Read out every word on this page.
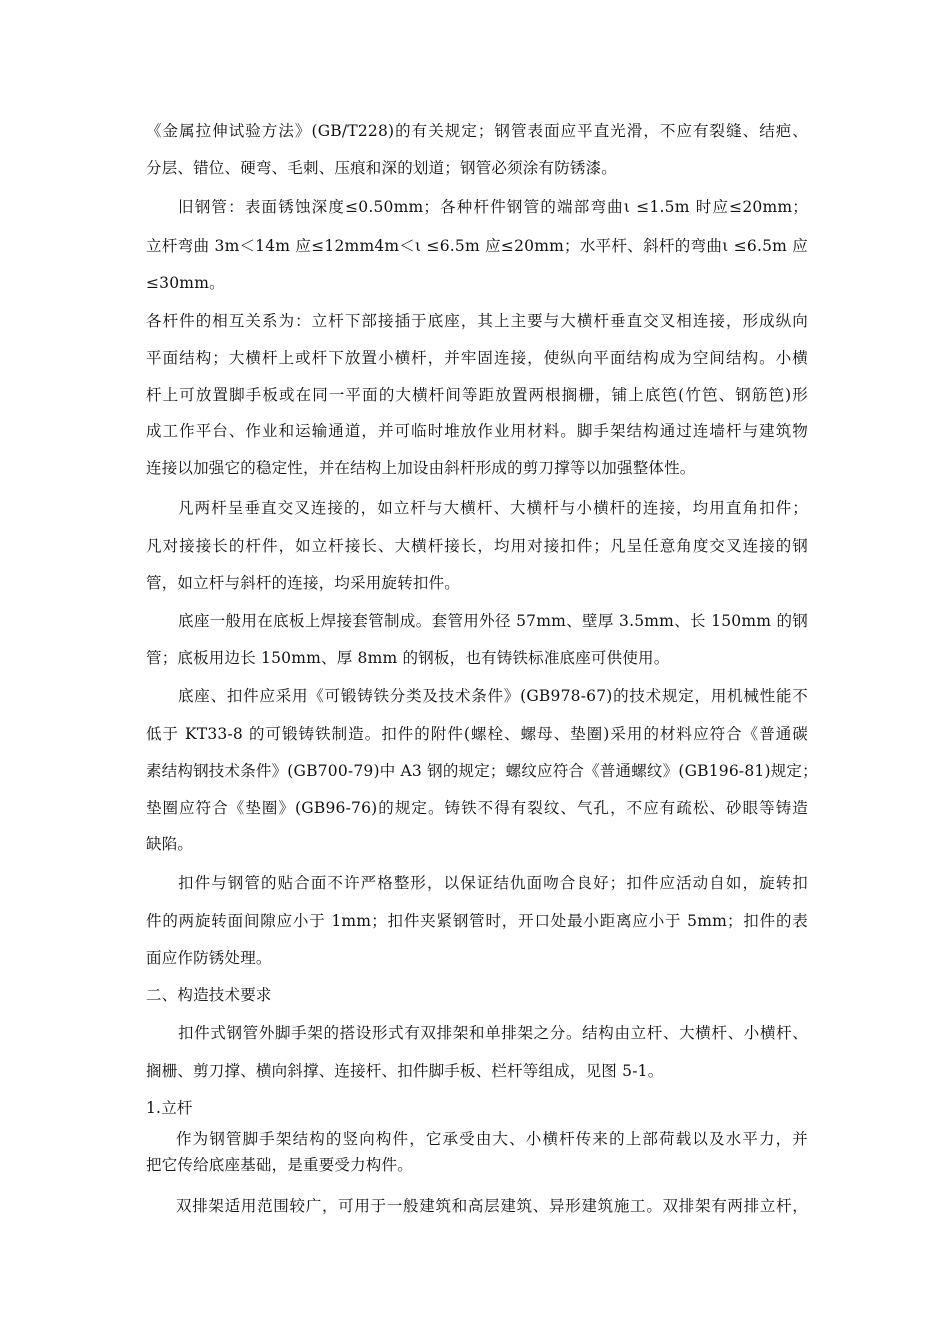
《金属拉伸试验方法》(GB/T228)的有关规定；钢管表面应平直光滑，不应有裂缝、结疤、
分层、错位、硬弯、毛刺、压痕和深的划道；钢管必须涂有防锈漆。
旧钢管：表面锈蚀深度≤0.50mm；各种杆件钢管的端部弯曲ι ≤1.5m 时应≤20mm；
立杆弯曲 3m＜14m 应≤12mm4m＜ι ≤6.5m 应≤20mm；水平杆、斜杆的弯曲ι ≤6.5m 应
≤30mm。
各杆件的相互关系为：立杆下部接插于底座，其上主要与大横杆垂直交叉相连接，形成纵向
平面结构；大横杆上或杆下放置小横杆，并牢固连接，使纵向平面结构成为空间结构。小横
杆上可放置脚手板或在同一平面的大横杆间等距放置两根搁栅，铺上底笆(竹笆、钢筋笆)形
成工作平台、作业和运输通道，并可临时堆放作业用材料。脚手架结构通过连墙杆与建筑物
连接以加强它的稳定性，并在结构上加设由斜杆形成的剪刀撑等以加强整体性。
凡两杆呈垂直交叉连接的，如立杆与大横杆、大横杆与小横杆的连接，均用直角扣件；
凡对接接长的杆件，如立杆接长、大横杆接长，均用对接扣件；凡呈任意角度交叉连接的钢
管，如立杆与斜杆的连接，均采用旋转扣件。
底座一般用在底板上焊接套管制成。套管用外径 57mm、壁厚 3.5mm、长 150mm 的钢
管；底板用边长 150mm、厚 8mm 的钢板，也有铸铁标准底座可供使用。
底座、扣件应采用《可锻铸铁分类及技术条件》(GB978-67)的技术规定，用机械性能不
低于 KT33-8 的可锻铸铁制造。扣件的附件(螺栓、螺母、垫圈)采用的材料应符合《普通碳
素结构钢技术条件》(GB700-79)中 A3 钢的规定；螺纹应符合《普通螺纹》(GB196-81)规定；
垫圈应符合《垫圈》(GB96-76)的规定。铸铁不得有裂纹、气孔，不应有疏松、砂眼等铸造
缺陷。
扣件与钢管的贴合面不许严格整形，以保证结仇面吻合良好；扣件应活动自如，旋转扣
件的两旋转面间隙应小于 1mm；扣件夹紧钢管时，开口处最小距离应小于 5mm；扣件的表
面应作防锈处理。
二、构造技术要求
扣件式钢管外脚手架的搭设形式有双排架和单排架之分。结构由立杆、大横杆、小横杆、
搁栅、剪刀撑、横向斜撑、连接杆、扣件脚手板、栏杆等组成，见图 5-1。
1.立杆
作为钢管脚手架结构的竖向构件，它承受由大、小横杆传来的上部荷载以及水平力，并
把它传给底座基础，是重要受力构件。
双排架适用范围较广，可用于一般建筑和高层建筑、异形建筑施工。双排架有两排立杆，
